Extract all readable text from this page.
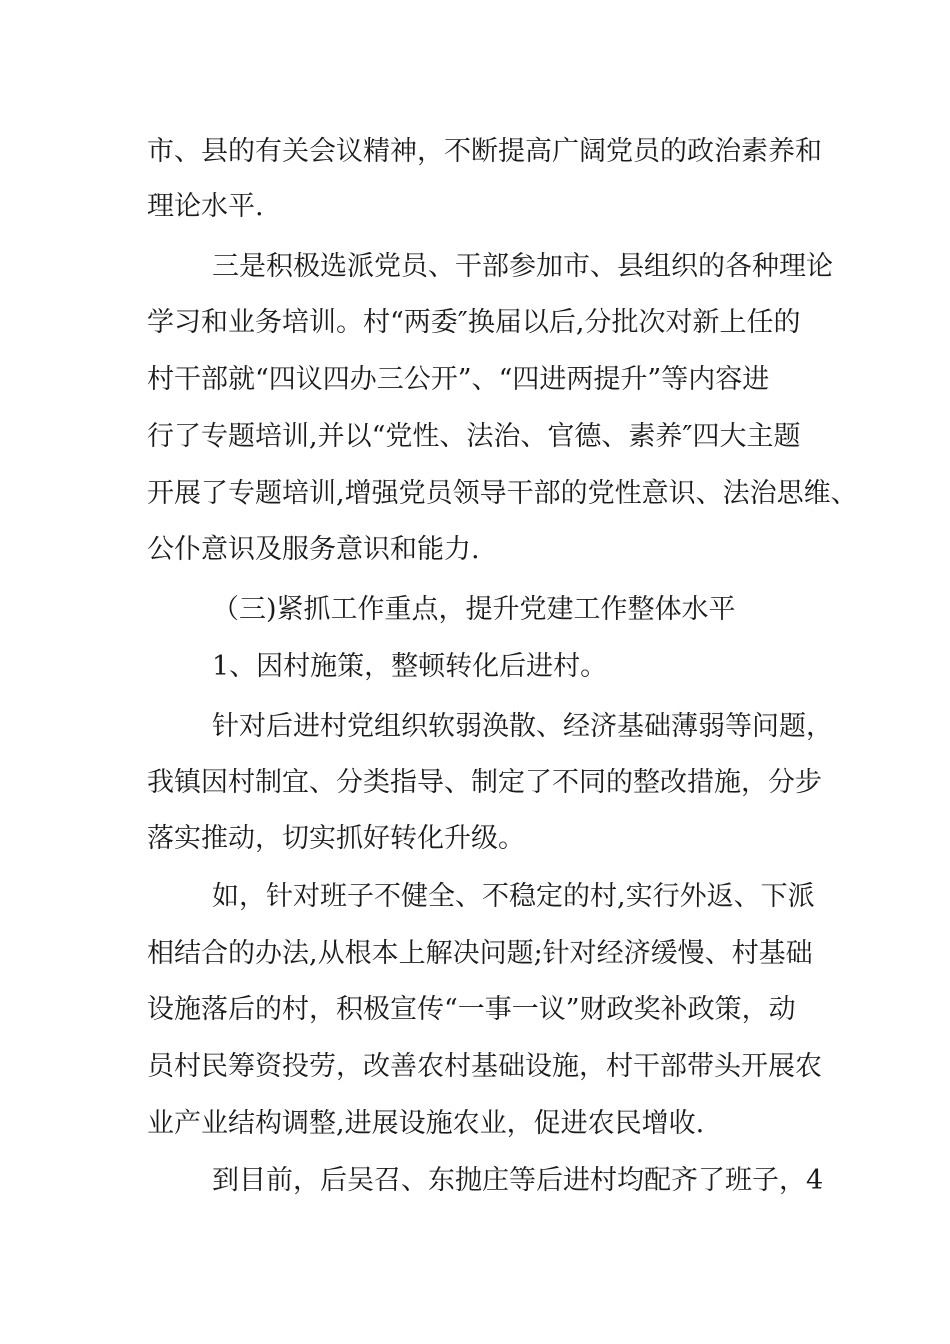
市、县的有关会议精神，不断提高广阔党员的政治素养和
理论水平.
三是积极选派党员、干部参加市、县组织的各种理论
学习和业务培训。村“两委″换届以后,分批次对新上任的
村干部就“四议四办三公开”、“四进两提升”等内容进
行了专题培训,并以“党性、法治、官德、素养″四大主题
开展了专题培训,增强党员领导干部的党性意识、法治思维、
公仆意识及服务意识和能力.
（三)紧抓工作重点，提升党建工作整体水平
1、因村施策，整顿转化后进村。
针对后进村党组织软弱涣散、经济基础薄弱等问题，
我镇因村制宜、分类指导、制定了不同的整改措施，分步
落实推动，切实抓好转化升级。
如，针对班子不健全、不稳定的村,实行外返、下派
相结合的办法,从根本上解决问题;针对经济缓慢、村基础
设施落后的村，积极宣传“一事一议”财政奖补政策，动
员村民筹资投劳，改善农村基础设施，村干部带头开展农
业产业结构调整,进展设施农业，促进农民增收.
到目前，后吴召、东抛庄等后进村均配齐了班子，4
